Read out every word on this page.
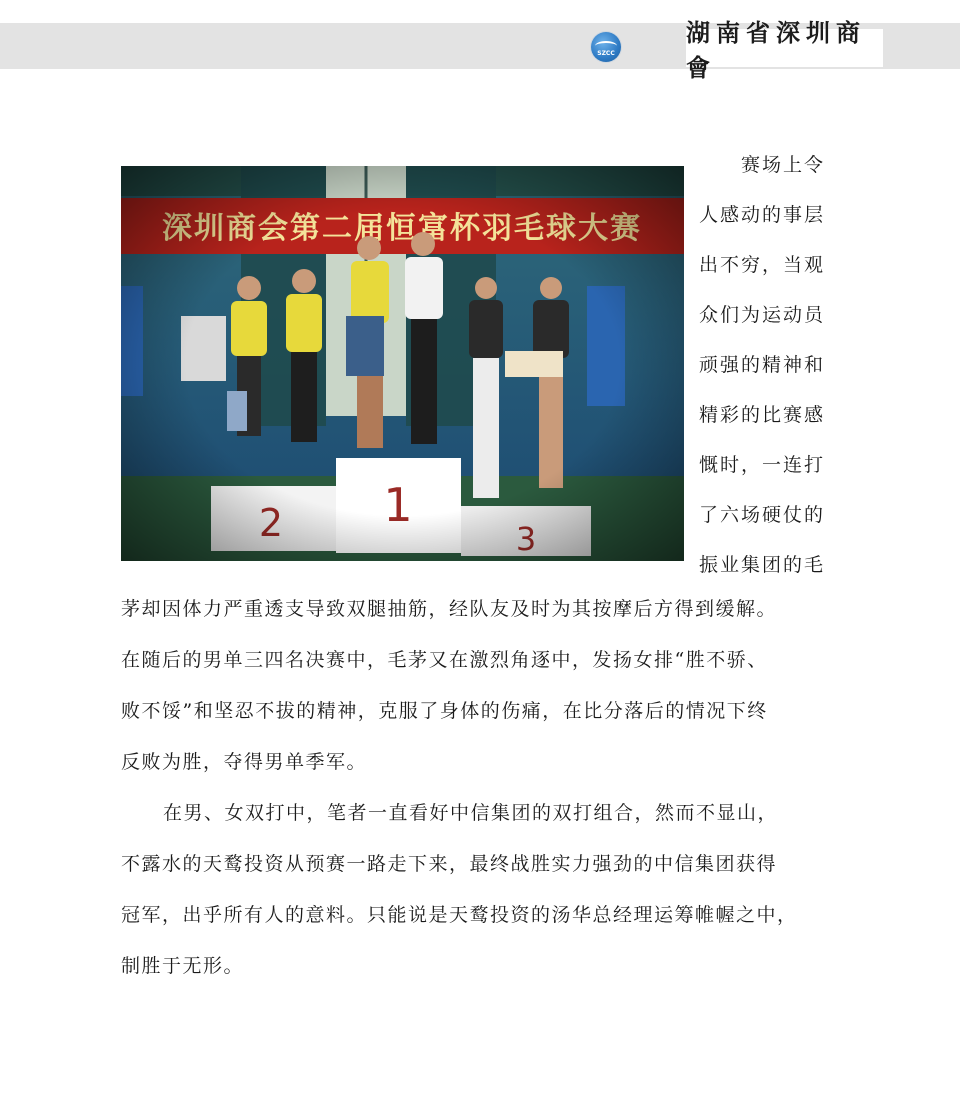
SZCC
湖南省深圳商會
赛场上令
人感动的事层
出不穷，当观
众们为运动员
顽强的精神和
精彩的比赛感
慨时，一连打
了六场硬仗的
振业集团的毛
茅却因体力严重透支导致双腿抽筋，经队友及时为其按摩后方得到缓解。
在随后的男单三四名决赛中，毛茅又在激烈角逐中，发扬女排“胜不骄、
败不馁”和坚忍不拔的精神，克服了身体的伤痛，在比分落后的情况下终
反败为胜，夺得男单季军。
在男、女双打中，笔者一直看好中信集团的双打组合，然而不显山，
不露水的天鹜投资从预赛一路走下来，最终战胜实力强劲的中信集团获得
冠军，出乎所有人的意料。只能说是天鹜投资的汤华总经理运筹帷幄之中，
制胜于无形。
